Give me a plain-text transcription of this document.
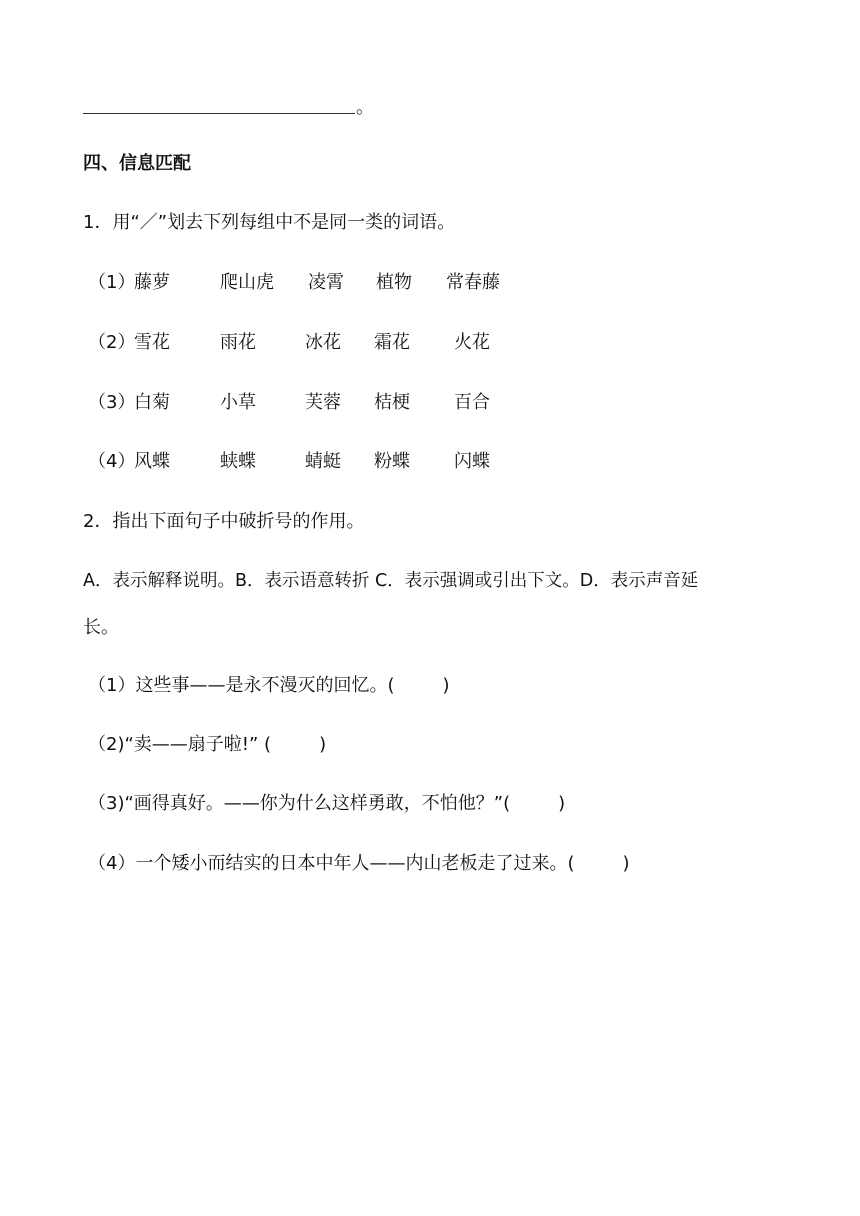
。
四、信息匹配
1．用“／”划去下列每组中不是同一类的词语。
（1）
藤萝	爬山虎 凌霄 植物 常春藤
（2）
雪花	雨花	冰花 霜花 火花
（3）
白菊	小草	芙蓉 桔梗 百合
（4）
风蝶	蛱蝶	蜻蜓 粉蝶 闪蝶
2．指出下面句子中破折号的作用。
A．表示解释说明。B．表示语意转折 C．表示强调或引出下文。D．表示声音延
长。
（1）这些事——是永不漫灭的回忆。(	)
（2)“卖——扇子啦!” (	)
（3)“画得真好。——你为什么这样勇敢，不怕他？”(	)
（4）一个矮小而结实的日本中年人——内山老板走了过来。(	)
